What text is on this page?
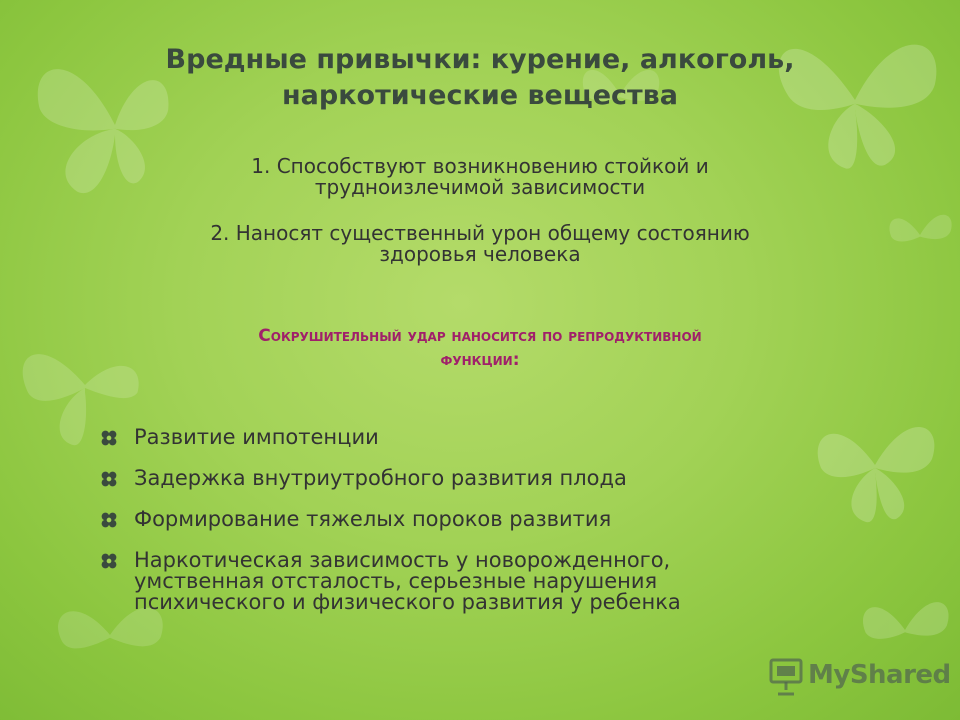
Вредные привычки: курение, алкоголь,
наркотические вещества
1. Способствуют возникновению стойкой и
трудноизлечимой зависимости
2. Наносят существенный урон общему состоянию
здоровья человека
Сокрушительный удар наносится по репродуктивной
функции:
Развитие импотенции
Задержка внутриутробного развития плода
Формирование тяжелых пороков развития
Наркотическая зависимость у новорожденного,
умственная отсталость, серьезные нарушения
психического и физического развития у ребенка
MyShared
